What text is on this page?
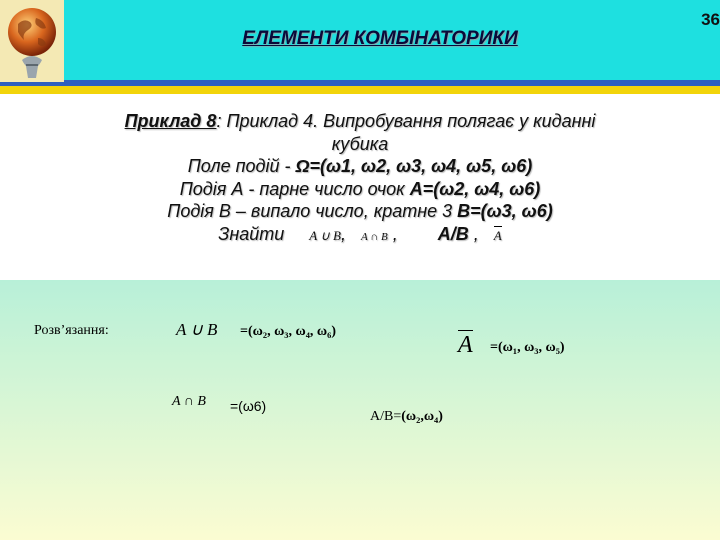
ЕЛЕМЕНТИ КОМБІНАТОРИКИ
36
Приклад 8: Приклад 4. Випробування полягає у киданні
кубика
Поле подій - Ω=(ω1, ω2, ω3, ω4, ω5, ω6)
Подія А - парне число очок А=(ω2, ω4, ω6)
Подія В – випало число, кратне 3 В=(ω3, ω6)
Знайти A ∪ B, A ∩ B , А/В , A
Розв’язання:	A ∪ B =(ω₂, ω₃, ω₄, ω₆)
A =(ω₁, ω₃, ω₅)
A ∩ B =(ω6)
А/В=(ω₂,ω₄)
